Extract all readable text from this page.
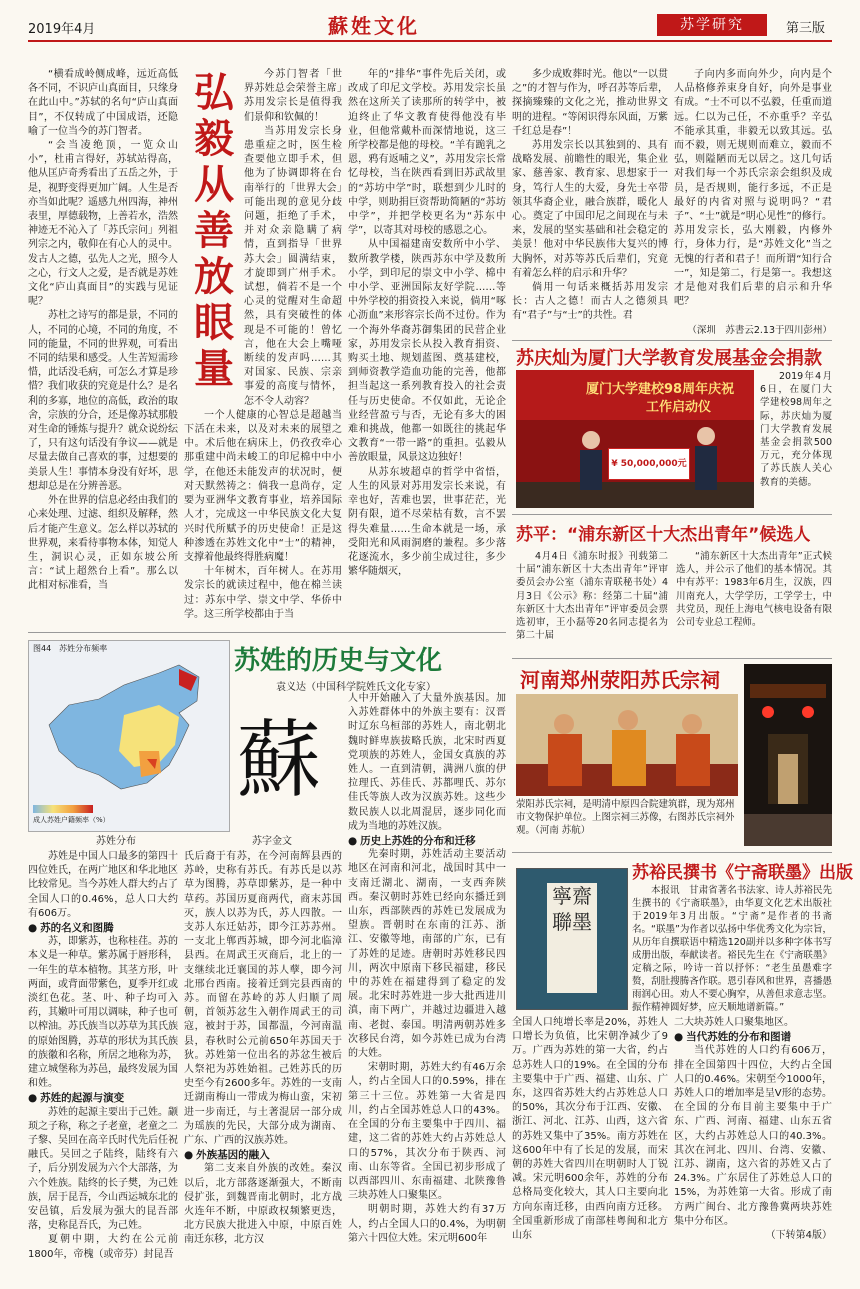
2019年4月	蘇姓文化	苏学研究	第三版

“横看成岭侧成峰，远近高低各不同，不识庐山真面目，只缘身在此山中。”苏轼的名句“庐山真面目”，不仅转成了中国成语，还隐喻了一位当今的苏门智者。

“会当凌绝顶，一览众山小”，杜甫言得好，苏轼站得高，他从匡庐奇秀看出了五岳之外，于是，视野变得更加广阔。人生是否亦当如此呢？遥感九州四海，神州表里，厚德载物，上善若水，浩然神迹无不沁入了「苏氏宗问」列祖列宗之内，敬仰在有心人的灵中。发古人之德，弘先人之光，照今人之心，行文人之爱，是否就是苏姓文化“庐山真面目”的实践与见证呢？

苏杜之诗写的都是景，不同的人，不同的心境，不同的角度，不同的能量，不同的世界观，可看出不同的结果和感受。人生苦短需珍惜，此话没毛病，可怎么才算是珍惜？我们收获的究竟是什么？是名利的多寡，地位的高低，政治的取舍，宗族的分合，还是像苏轼那般对生命的锤炼与提升？就众说纷纭了，只有这句话没有争议——就是尽量去做自己喜欢的事，过想要的美景人生！事情本身没有好坏，思想却总是在分辨善恶。

外在世界的信息必经由我们的心来处理、过滤、组织及解释，然后才能产生意义。怎么样以苏轼的世界观，来看待事物本体，知觉人生，洞识心灵，正如东坡公所言：“试上超然台上看”。那么以此相对标准看，当

弘毅从善放眼量

今苏门智者「世界苏姓总会荣誉主席」苏用发宗长是值得我们景仰和钦佩的！

当苏用发宗长身患重症之时，医生检查要他立即手术，但他为了协调即将在台南举行的「世界大会」可能出现的意见分歧问题，拒绝了手术，并对众亲隐瞒了病情，直到指导「世界苏大会」圆满结束，才旋即到广州手术。试想，倘若不是一个心灵的觉醒对生命超然，具有突破性的体现是不可能的！曾忆言，他在大会上嘴哑断续的发声吗……其对国家、民族、宗亲事爱的高度与情怀，怎不令人动容？

一个人健康的心智总是超越当下活在未来，以及对未来的展望之中。术后他在病床上，仍孜孜牵心那重建中尚未峻工的印尼棉中中小学，在他还未能发声的状况时，便对天默然祷之：倘我一息尚存，定要为亚洲华文教育事业，培养国际人才，完成这一中华民族文化大复兴时代所赋予的历史使命！正是这种渗透在苏姓文化中“士”的精神，支撑着他最终得胜病魔！

十年树木，百年树人。在苏用发宗长的就读过程中，他在棉兰读过：苏东中学、崇文中学、华侨中学。这三所学校都由于当

年的“排华”事件先后关闭，或改成了印尼文学校。苏用发宗长虽然在这所关了读那所的转学中，被迫终止了华文教育使得他没有毕业，但他常戴朴而深情地说，这三所学校都是他的母校。“羊有跪乳之恩，鸦有返哺之义”，苏用发宗长常忆母校，当在陕西看到旧苏武故里的“苏坊中学”时，联想到少儿时的中学，则助捐巨资帮助简陋的“苏坊中学”，并把学校更名为“苏东中学”，以寄其对母校的感恩之心。

从中国福建南安数所中小学、数所教学楼，陕西苏东中学及数所小学，到印尼的崇文中小学、棉中中小学、亚洲国际友好学院……等中外学校的捐资投入来说，倘用“啄心沥血”来形容宗长尚不过份。作为一个海外华裔苏御集团的民营企业家，苏用发宗长从投入教育捐资、购买土地、规划蓝图、奠基建校，到师资教学造血功能的完善，他都担当起这一系列教育投入的社会责任与历史使命。不仅如此，无论企业经营盈亏与否，无论有多大的困难和挑战，他都一如既往的挑起华文教育“一带一路”的重担。弘毅从善放眼量，风景这边独好！

从苏东坡超卓的哲学中省悟，人生的风景对苏用发宗长来说，有幸也好，苦难也罢，世事茫茫，光阴有限，道不尽荣枯有数，言不罢得失难量……生命本就是一场，承受阳光和风雨洞磨的兼程。多少落花逐流水，多少前尘成过往，多少繁华随烟灭，

多少成败葬时光。他以“一以贯之”的才智与作为，呼召苏等后辈，探摘臻臻的文化之光，推动世界文明的进程。“等闲识得东风面，万紫千红总是春”！

苏用发宗长以其独到的、具有战略发展、前瞻性的眼光，集企业家、慈善家、教育家、思想家于一身，笃行人生的大爱，身先士卒带领其华裔企业，融合族群，暖化人心。奠定了中国印尼之间现在与未来，发展的坚实基础和社会稳定的美景！他对中华民族伟大复兴的博大胸怀，对苏等苏氏后辈们，究竟有着怎么样的启示和升华？

倘用一句话来概括苏用发宗长：古人之德！而古人之德须具有“君子”与“士”的共性。君

子向内多而向外少，向内是个人品格修养束身自好，向外是事业有成。“士不可以不弘毅，任重而道远。仁以为己任，不亦重乎？辛弘不能承其重，非毅无以致其远。弘而不毅，则无规则而难立，毅而不弘，则隘陋而无以居之。这几句话对我们每一个苏氏宗亲会组织及成员，是否规则，能行多远，不正是最好的内省对照与说明吗？“君子”、“士”就是“明心见性”的修行。苏用发宗长，弘大刚毅，内修外行，身体力行，是“苏姓文化”当之无愧的行者和君子！而所谓“知行合一”，知是第二，行是第一。我想这才是他对我们后辈的启示和升华吧？

（深圳　苏書云2.13于四川彭州）
苏庆灿为厦门大学教育发展基金会捐款
厦门大学建校98周年庆祝
工作启动仪
¥ 50,000,000元

2019年4月6日，在厦门大学建校98周年之际，苏庆灿为厦门大学教育发展基金会捐款500万元，充分体现了苏氏族人关心教育的美德。

苏平：“浦东新区十大杰出青年”候选人

4月4日《浦东时报》刊载第二十届“浦东新区十大杰出青年”评审委员会办公室（浦东青联秘书处）4月3日《公示》称：经第二十届“浦东新区十大杰出青年”评审委员会票选初审，王小磊等20名同志提名为第二十届

“浦东新区十大杰出青年”正式候选人，并公示了他们的基本情况。其中有苏平：1983年6月生，汉族，四川南充人，大学学历，工学学士，中共党员，现任上海电气核电设备有限公司专业总工程师。

河南郑州荥阳苏氏宗祠
荥阳苏氏宗祠，是明清中原四合院建筑群，现为郑州市文物保护单位。上图宗祠三苏像，右图苏氏宗祠外观。（河南 苏航）
苏裕民撰书《宁斋联墨》出版
寧齋聯墨

本报讯　甘肃省著名书法家、诗人苏裕民先生撰书的《宁斋联墨》，由华夏文化艺术出版社于2019年3月出版。“宁斋”是作者的书斋名。“联墨”为作者以弘扬中华优秀文化为宗旨，从历年自撰联语中精选120副并以多种字体书写成册出版，奉献读者。裕民先生在《宁斋联墨》定稿之际，吟诗一首以抒怀：“老生虽愚难字赘，刮肚搜腾吝作联。恩引春风和世界，喜播愚雨润心田。劝人不要心胸窄，从善但求意志坚。振作精神圆好梦，应天顺地谱新篇。”

苏姓的历史与文化
袁义达（中国科学院姓氏文化专家）
图44　苏姓分布频率
成人苏姓户籍频率（%）
苏姓分布
蘇
苏字金文

苏姓是中国人口最多的第四十四位姓氏，在两广地区和华北地区比较常见。当今苏姓人群大约占了全国人口的0.46%，总人口大约有606万。

● 苏的名义和图腾

苏，即紫苏，也称桂荏。苏的本义是一种草。紫苏属于唇形科，一年生的草本植物。其茎方形，叶两面，或背面带紫色，夏季开红或淡红色花。茎、叶、种子均可入药，其嫩叶可用以调味，种子也可以榨油。苏氏族当以苏草为其氏族的原始图腾，苏草的形状为其氏族的族徽和名称，所居之地称为苏，建立城堡称为苏邑，最终发展为国和姓。

● 苏姓的起源与演变

苏姓的起源主要出于己姓。颛顼之子称，称之子老童，老童之二子黎、吴回在高辛氏时代先后任祝融氏。吴回之子陆终，陆终有六子，后分别发展为六个大部落，为六个姓族。陆终的长子樊，为己姓族，居于昆吾，今山西运城东北的安邑镇，后发展为强大的昆吾部落，史称昆吾氏，为己姓。

夏朝中期，大约在公元前1800年，帝槐（或帝芬）封昆吾

氏后裔于有苏，在今河南辉县西的苏岭，史称有苏氏。有苏氏是以苏草为图腾，苏草即紫苏，是一种中草药。苏国历夏商两代，商末苏国灭，族人以苏为氏，苏人四散。一支苏人东迁姑苏，即今江苏苏州。一支北上郸西苏城，即今河北临漳县西。在周武王灭商后，北上的一支继续北迁襄国的苏人孽，即今河北邢台西南。接着迁到完县西南的苏。而留在苏岭的苏人归顺了周朝，首领苏忿生入朝作周武王的司寇，被封于苏，国都温，今河南温县，春秋时公元前650年苏国天于狄。苏姓第一位出名的苏忿生被后人祭祀为苏姓始祖。己姓苏氏的历史至今有2600多年。苏姓的一支南迁湖南梅山一带成为梅山蛮，宋初进一步南迁，与土著混居一部分成为瑶族的先民，大部分成为湖南、广东、广西的汉族苏姓。

● 外族基因的融入

第二支来自外族的改姓。秦汉以后，北方部落逐渐强大，不断南侵扩张，到魏晋南北朝时，北方战火连年不断，中原政权频繁更迭，北方民族大批进入中原，中原百姓南迁东移，北方汉

人中开始融入了大量外族基因。加入苏姓群体中的外族主要有：汉晋时辽东乌桓部的苏姓人，南北朝北魏时鲜卑族拔略氏族，北宋时西夏党项族的苏姓人，金国女真族的苏姓人。一直到清朝，满洲八旗的伊拉理氏、苏佳氏、苏都哩氏、苏尔佳氏等族人改为汉族苏姓。这些少数民族人以北周混居，逐步同化而成为当地的苏姓汉族。

● 历史上苏姓的分布和迁移

先秦时期，苏姓活动主要活动地区在河南和河北，战国时其中一支南迁湖北、湖南，一支西奔陕西。秦汉朝时苏姓已经向东播迁到山东，西部陕西的苏姓已发展成为望族。晋朝时在东南的江苏、浙江、安徽等地，南部的广东，已有了苏姓的足迹。唐朝时苏姓移民四川，两次中原南下移民福建，移民中的苏姓在福建得到了稳定的发展。北宋时苏姓进一步大批西进川滇，南下两广，并越过边疆进入越南、老挝、泰国。明清两朝苏姓多次移民台湾，如今苏姓已成为台湾的大姓。

宋朝时期，苏姓大约有46万余人，约占全国人口的0.59%，排在第三十三位。苏姓第一大省是四川，约占全国苏姓总人口的43%。在全国的分布主要集中于四川、福建，这二省的苏姓大约占苏姓总人口的57%，其次分布于陕西、河南、山东等省。全国已初步形成了以西部四川、东南福建、北陕豫鲁三块苏姓人口聚集区。

明朝时期，苏姓大约有37万人，约占全国人口的0.4%，为明朝第六十四位大姓。宋元明600年

全国人口纯增长率是20%，苏姓人口增长为负值，比宋朝净减少了9万。广西为苏姓的第一大省，约占总苏姓人口的19%。在全国的分布主要集中于广西、福建、山东、广东，这四省苏姓大约占苏姓总人口的50%，其次分布于江西、安徽、浙江、河北、江苏、山西，这六省的苏姓又集中了35%。南方苏姓在这600年中有了长足的发展，而宋朝的苏姓大省四川在明朝时人丁锐减。宋元明600余年，苏姓的分布总格局变化较大，其人口主要向北方向东南迁移，由西向南方迁移。全国重新形成了南部桂粤闽和北方山东

二大块苏姓人口聚集地区。

● 当代苏姓的分布和图谱

当代苏姓的人口约有606万，排在全国第四十四位，大约占全国人口的0.46%。宋朝至今1000年，苏姓人口的增加率是呈V形的态势。在全国的分布目前主要集中于广东、广西、河南、福建、山东五省区，大约占苏姓总人口的40.3%。其次在河北、四川、台湾、安徽、江苏、湖南，这六省的苏姓又占了24.3%。广东居住了苏姓总人口的15%，为苏姓第一大省。形成了南方两广闽台、北方豫鲁冀两块苏姓集中分布区。

（下转第4版）
